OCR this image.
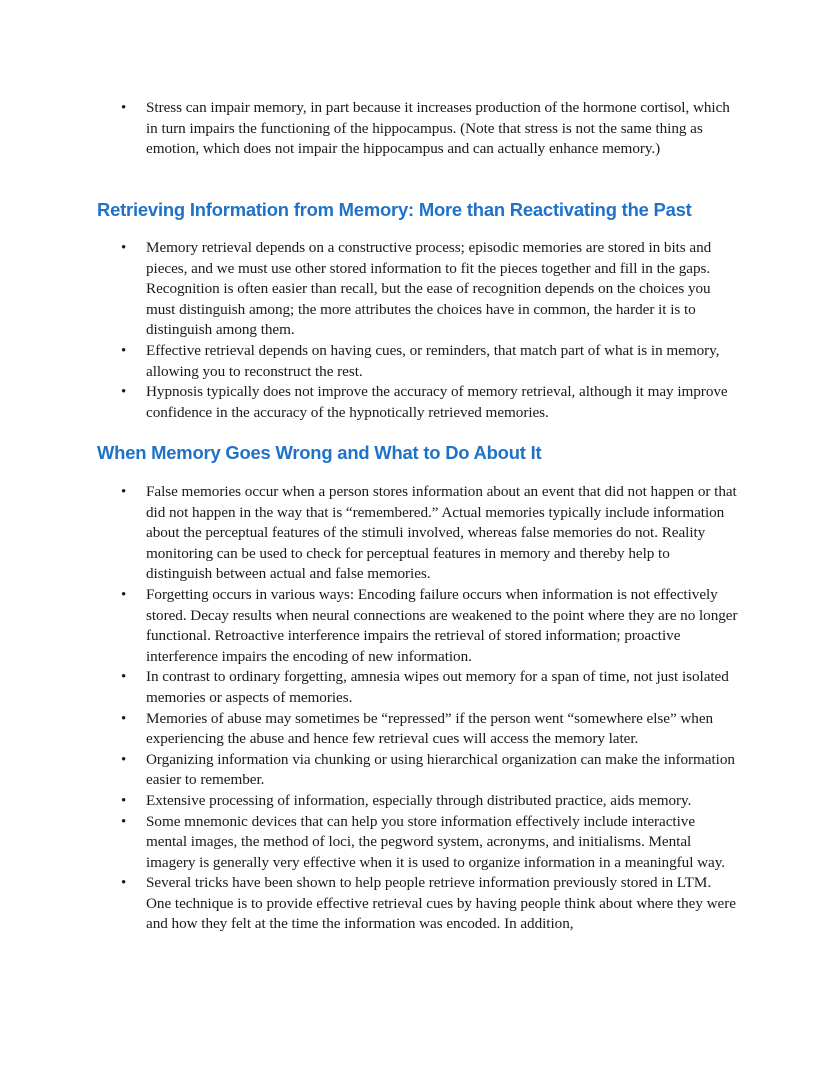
• Stress can impair memory, in part because it increases production of the hormone cortisol, which in turn impairs the functioning of the hippocampus. (Note that stress is not the same thing as emotion, which does not impair the hippocampus and can actually enhance memory.)
Retrieving Information from Memory: More than Reactivating the Past
• Memory retrieval depends on a constructive process; episodic memories are stored in bits and pieces, and we must use other stored information to fit the pieces together and fill in the gaps. Recognition is often easier than recall, but the ease of recognition depends on the choices you must distinguish among; the more attributes the choices have in common, the harder it is to distinguish among them.
• Effective retrieval depends on having cues, or reminders, that match part of what is in memory, allowing you to reconstruct the rest.
• Hypnosis typically does not improve the accuracy of memory retrieval, although it may improve confidence in the accuracy of the hypnotically retrieved memories.
When Memory Goes Wrong and What to Do About It
• False memories occur when a person stores information about an event that did not happen or that did not happen in the way that is “remembered.” Actual memories typically include information about the perceptual features of the stimuli involved, whereas false memories do not. Reality monitoring can be used to check for perceptual features in memory and thereby help to distinguish between actual and false memories.
• Forgetting occurs in various ways: Encoding failure occurs when information is not effectively stored. Decay results when neural connections are weakened to the point where they are no longer functional. Retroactive interference impairs the retrieval of stored information; proactive interference impairs the encoding of new information.
• In contrast to ordinary forgetting, amnesia wipes out memory for a span of time, not just isolated memories or aspects of memories.
• Memories of abuse may sometimes be “repressed” if the person went “somewhere else” when experiencing the abuse and hence few retrieval cues will access the memory later.
• Organizing information via chunking or using hierarchical organization can make the information easier to remember.
• Extensive processing of information, especially through distributed practice, aids memory.
• Some mnemonic devices that can help you store information effectively include interactive mental images, the method of loci, the pegword system, acronyms, and initialisms. Mental imagery is generally very effective when it is used to organize information in a meaningful way.
• Several tricks have been shown to help people retrieve information previously stored in LTM. One technique is to provide effective retrieval cues by having people think about where they were and how they felt at the time the information was encoded. In addition,
